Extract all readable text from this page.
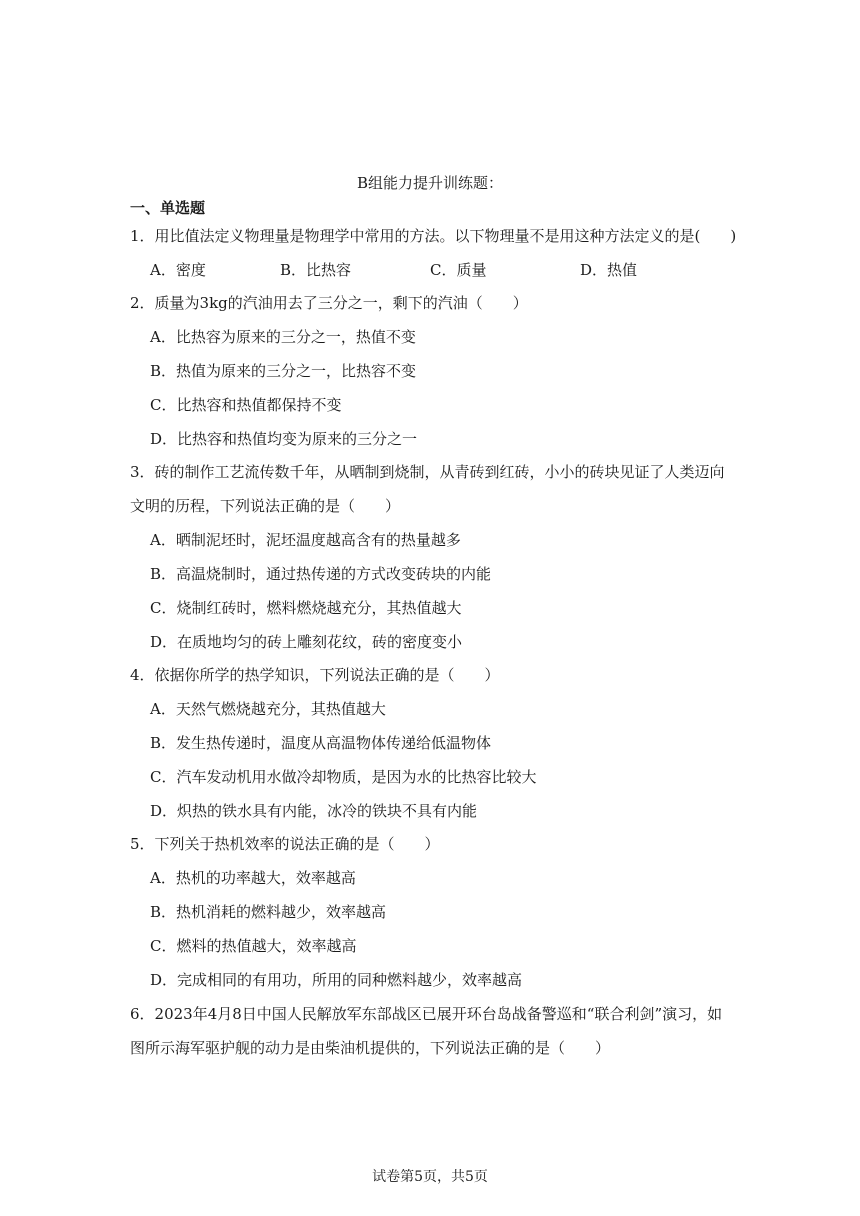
B组能力提升训练题：
一、单选题
1．用比值法定义物理量是物理学中常用的方法。以下物理量不是用这种方法定义的是(　　)
A．密度	B．比热容	C．质量	D．热值
2．质量为3kg的汽油用去了三分之一，剩下的汽油（　　）
A．比热容为原来的三分之一，热值不变
B．热值为原来的三分之一，比热容不变
C．比热容和热值都保持不变
D．比热容和热值均变为原来的三分之一
3．砖的制作工艺流传数千年，从晒制到烧制，从青砖到红砖，小小的砖块见证了人类迈向
文明的历程，下列说法正确的是（　　）
A．晒制泥坯时，泥坯温度越高含有的热量越多
B．高温烧制时，通过热传递的方式改变砖块的内能
C．烧制红砖时，燃料燃烧越充分，其热值越大
D．在质地均匀的砖上雕刻花纹，砖的密度变小
4．依据你所学的热学知识，下列说法正确的是（　　）
A．天然气燃烧越充分，其热值越大
B．发生热传递时，温度从高温物体传递给低温物体
C．汽车发动机用水做冷却物质，是因为水的比热容比较大
D．炽热的铁水具有内能，冰冷的铁块不具有内能
5．下列关于热机效率的说法正确的是（　　）
A．热机的功率越大，效率越高
B．热机消耗的燃料越少，效率越高
C．燃料的热值越大，效率越高
D．完成相同的有用功，所用的同种燃料越少，效率越高
6．2023年4月8日中国人民解放军东部战区已展开环台岛战备警巡和“联合利剑”演习，如
图所示海军驱护舰的动力是由柴油机提供的，下列说法正确的是（　　）
试卷第5页，共5页
